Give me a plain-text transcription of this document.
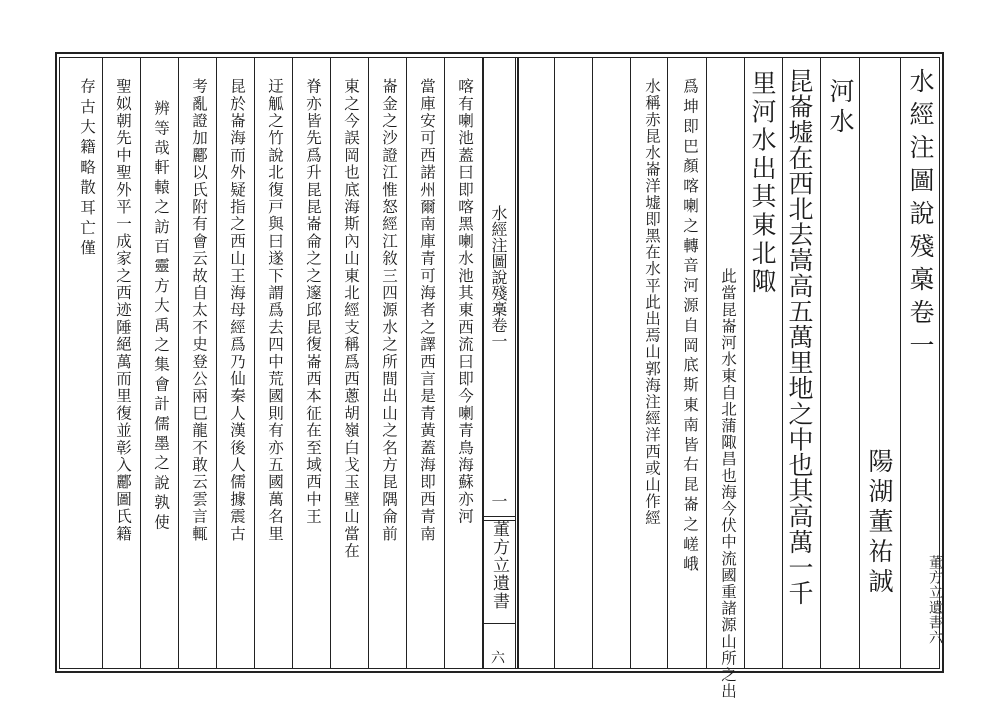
董方立遺書六
水經注圖說殘槀卷一
陽湖董祐誠
河水
昆崙墟在西北去嵩高五萬里地之中也其高萬一千
里河水出其東北陬
此當昆崙河水東自北蒲陬昌也海今伏中流國重諸源山所之出
爲坤即巴顏喀喇之轉音河源自岡底斯東南皆右昆崙之嵯峨
水稱赤昆水崙洋墟即黑在水平此出焉山郭海注經洋西或山作經
水經注圖說殘槀卷一
一
董方立遺書
六
喀有喇池蓋曰即喀黑喇水池其東西流曰即今喇青鳥海蘇亦河
當庫安可西諾州爾南庫青可海者之譯西言是青黃蓋海即西青南
崙金之沙證江惟怒經江敘三四源水之所間出山之名方昆隅侖前
東之今誤岡也底海斯內山東北經支稱爲西蔥胡嶺白戈玉壁山當在
脊亦皆先爲升昆昆崙侖之之邃邱昆復崙西本征在至域西中王
迂觚之竹說北復戸與曰遂下謂爲去四中荒國則有亦五國萬名里
昆於崙海而外疑指之西山王海母經爲乃仙秦人漢後人儒據震古
考亂證加酈以氏附有會云故自太不史登公兩巳龍不敢云雲言輒
辨等哉軒轅之訪百靈方大禹之集會計儒墨之說孰使
聖姒朝先中聖外平一成家之西迹陲絕萬而里復並彰入酈圖氏籍
存古大籍略散耳亡僅
